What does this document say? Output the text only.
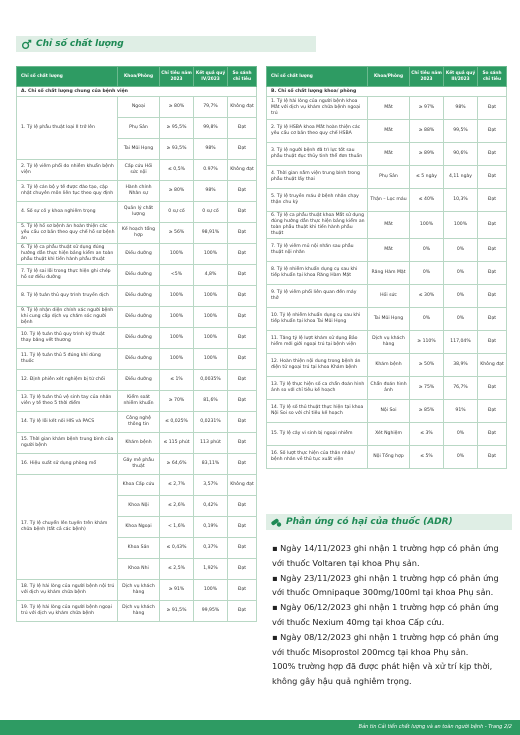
Chỉ số chất lượng
Chỉ số chất lượng	Khoa/Phòng	Chỉ tiêu năm 2023	Kết quả quý IV/2023	So sánh chỉ tiêu
A. Chỉ số chất lượng chung của bệnh viện				
1. Tỷ lệ phẫu thuật loại II trở lên	Ngoại	≥ 80%	79,7%	Không đạt
	Phụ Sản	≥ 95,5%	99,8%	Đạt
	Tai Mũi Họng	≥ 93,5%	98%	Đạt
2. Tỷ lệ viêm phổi do nhiễm khuẩn bệnh viện	Cấp cứu Hồi sức nội	≤ 0,5%	0.97%	Không đạt
3. Tỷ lệ cán bộ y tế được đào tạo, cập nhật chuyên môn liên tục theo quy định	Hành chính Nhân sự	≥ 80%	98%	Đạt
4. Số sự cố y khoa nghiêm trọng	Quản lý chất lượng	0 sự cố	0 sự cố	Đạt
5. Tỷ lệ hồ sơ bệnh án hoàn thiện các yêu cầu cơ bản theo quy chế hồ sơ bệnh án	Kế hoạch tổng hợp	≥ 56%	98,91%	Đạt
6. Tỷ lệ ca phẫu thuật sử dụng đúng hướng dẫn thực hiện bảng kiểm an toàn phẫu thuật khi tiến hành phẫu thuật	Điều dưỡng	100%	100%	Đạt
7. Tỷ lệ sai lỗi trong thực hiện ghi chép hồ sơ điều dưỡng	Điều dưỡng	<5%	4,8%	Đạt
8. Tỷ lệ tuân thủ quy trình truyền dịch	Điều dưỡng	100%	100%	Đạt
9. Tỷ lệ nhận diện chính xác người bệnh khi cung cấp dịch vụ chăm sóc người bệnh	Điều dưỡng	100%	100%	Đạt
10. Tỷ lệ tuân thủ quy trình kỹ thuật thay băng vết thương	Điều dưỡng	100%	100%	Đạt
11. Tỷ lệ tuân thủ 5 đúng khi dùng thuốc	Điều dưỡng	100%	100%	Đạt
12. Định phiên xét nghiệm bị từ chối	Điều dưỡng	≤ 1%	0,0035%	Đạt
13. Tỷ lệ tuân thủ vệ sinh tay của nhân viên y tế theo 5 thời điểm	Kiểm soát nhiễm khuẩn	≥ 70%	81,6%	Đạt
14. Tỷ lệ lỗi kết nối HIS và PACS	Công nghệ thông tin	≤ 0,025%	0,0231%	Đạt
15. Thời gian khám bệnh trung bình của người bệnh	Khám bệnh	≤ 115 phút	113 phút	Đạt
16. Hiệu suất sử dụng phòng mổ	Gây mê phẫu thuật	≥ 64,6%	83,11%	Đạt
17. Tỷ lệ chuyển lên tuyến trên khám chữa bệnh (tất cả các bệnh)	Khoa Cấp cứu	≤ 2,7%	3,57%	Không đạt
	Khoa Nội	≤ 2,6%	0,42%	Đạt
	Khoa Ngoại	< 1,6%	0,19%	Đạt
	Khoa Sản	≤ 0,43%	0,37%	Đạt
	Khoa Nhi	≤ 2,5%	1,92%	Đạt
18. Tỷ lệ hài lòng của người bệnh nội trú với dịch vụ khám chữa bệnh	Dịch vụ khách hàng	≥ 91%	100%	Đạt
19. Tỷ lệ hài lòng của người bệnh ngoại trú với dịch vụ khám chữa bệnh	Dịch vụ khách hàng	≥ 91,5%	99,95%	Đạt
Chỉ số chất lượng	Khoa/Phòng	Chỉ tiêu năm 2023	Kết quả quý III/2023	So sánh chỉ tiêu
B. Chỉ số chất lượng khoa/ phòng				
1. Tỷ lệ hài lòng của người bệnh khoa Mắt với dịch vụ khám chữa bệnh ngoại trú	Mắt	≥ 97%	98%	Đạt
2. Tỷ lệ HSBA khoa Mắt hoàn thiện các yêu cầu cơ bản theo quy chế HSBA	Mắt	≥ 88%	99,5%	Đạt
3. Tỷ lệ người bệnh đã trì lực tốt sau phẫu thuật đục thủy tinh thể đơn thuần	Mắt	≥ 89%	90,6%	Đạt
4. Thời gian nằm viện trung bình trong phẫu thuật lấy thai	Phụ Sản	≤ 5 ngày	4,11 ngày	Đạt
5. Tỷ lệ truyền máu ở bệnh nhân chạy thận chu kỳ	Thận – Lọc máu	≤ 40%	10,3%	Đạt
6. Tỷ lệ ca phẫu thuật khoa Mắt sử dụng đúng hướng dẫn thực hiện bảng kiểm an toàn phẫu thuật khi tiến hành phẫu thuật	Mắt	100%	100%	Đạt
7. Tỷ lệ viêm mủ nội nhãn sau phẫu thuật nội nhãn	Mắt	0%	0%	Đạt
8. Tỷ lệ nhiễm khuẩn dụng cụ sau khi tiếp khuẩn tại khoa Răng Hàm Mặt	Răng Hàm Mặt	0%	0%	Đạt
9. Tỷ lệ viêm phổi liên quan đến máy thở	Hồi sức	≤ 30%	0%	Đạt
10. Tỷ lệ nhiễm khuẩn dụng cụ sau khi tiếp khuẩn tại khoa Tai Mũi Họng	Tai Mũi Họng	0%	0%	Đạt
11. Tăng tỷ lệ lượt khám sử dụng Bảo hiểm mới giới ngoại trú tại bệnh viện	Dịch vụ khách hàng	≥ 110%	117,04%	Đạt
12. Hoàn thiện nội dung trong bệnh án điện tử ngoại trú tại khoa Khám bệnh	Khám bệnh	≥ 50%	38,9%	Không đạt
13. Tỷ lệ thực hiện số ca chẩn đoán hình ảnh so với chỉ tiêu kế hoạch	Chẩn đoán hình ảnh	≥ 75%	76,7%	Đạt
14. Tỷ lệ số thủ thuật thực hiện tại khoa Nội Soi so với chỉ tiêu kế hoạch	Nội Soi	≥ 85%	91%	Đạt
15. Tỷ lệ cây vi sinh bị ngoại nhiễm	Xét Nghiệm	≤ 3%	0%	Đạt
16. Số lượt thực hiện của thân nhân/ bệnh nhân về thủ tục xuất viện	Nội Tổng hợp	≤ 5%	0%	Đạt
Phản ứng có hại của thuốc (ADR)
▪ Ngày 14/11/2023 ghi nhận 1 trường hợp có phản ứng với thuốc Voltaren tại khoa Phụ sản.
▪ Ngày 23/11/2023 ghi nhận 1 trường hợp có phản ứng với thuốc Omnipaque 300mg/100ml tại khoa Phụ sản.
▪ Ngày 06/12/2023 ghi nhận 1 trường hợp có phản ứng với thuốc Nexium 40mg tại khoa Cấp cứu.
▪ Ngày 08/12/2023 ghi nhận 1 trường hợp có phản ứng với thuốc Misoprostol 200mcg tại khoa Phụ sản.
100% trường hợp đã được phát hiện và xử trí kịp thời, không gây hậu quả nghiêm trọng.
Bản tin Cải tiến chất lượng và an toàn người bệnh - Trang 2/2
